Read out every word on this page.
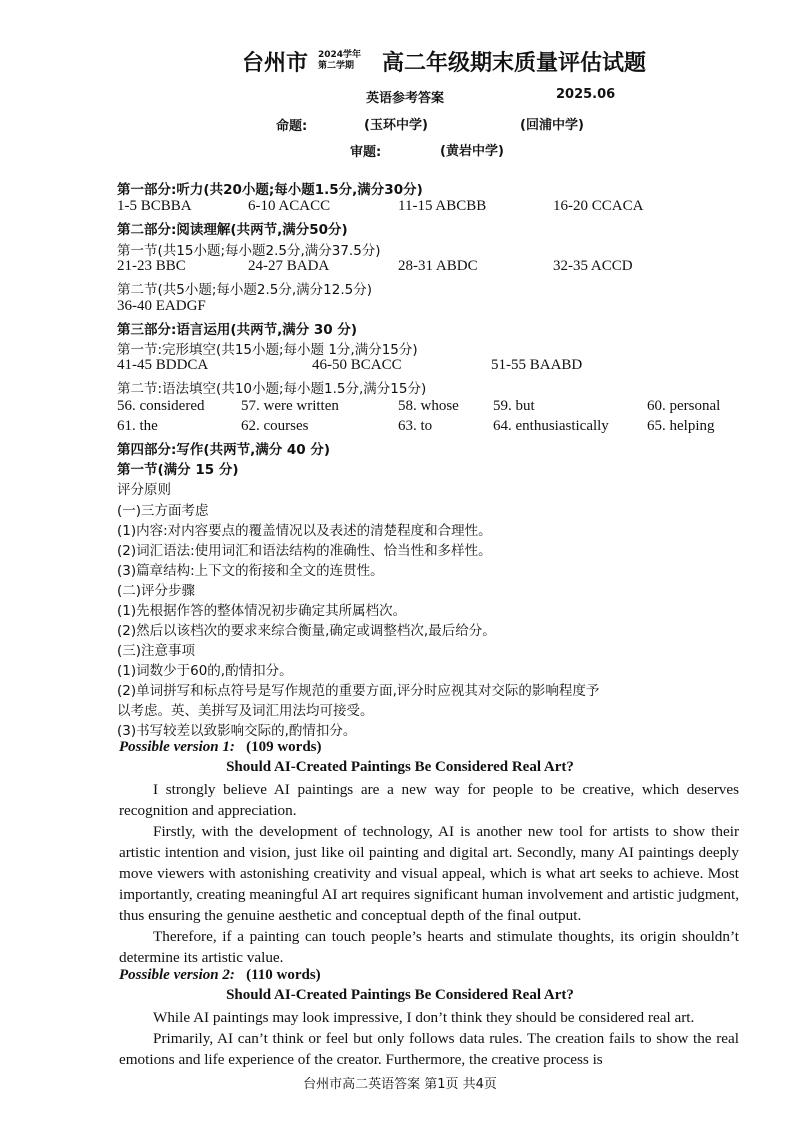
台州市 2024学年
第二学期 高二年级期末质量评估试题
英语参考答案	2025.06
命题:	(玉环中学)	(回浦中学)
审题:	(黄岩中学)
第一部分:听力(共20小题;每小题1.5分,满分30分)
1-5 BCBBA	6-10 ACACC	11-15 ABCBB	16-20 CCACA
第二部分:阅读理解(共两节,满分50分)
第一节(共15小题;每小题2.5分,满分37.5分)
21-23 BBC	24-27 BADA	28-31 ABDC	32-35 ACCD
第二节(共5小题;每小题2.5分,满分12.5分)
36-40 EADGF
第三部分:语言运用(共两节,满分 30 分)
第一节:完形填空(共15小题;每小题 1分,满分15分)
41-45 BDDCA	46-50 BCACC	51-55 BAABD
第二节:语法填空(共10小题;每小题1.5分,满分15分)
56. considered 57. were written	58. whose 59. but	60. personal
61. the	62. courses	63. to	64. enthusiastically	65. helping
第四部分:写作(共两节,满分 40 分)
第一节(满分 15 分)
评分原则
(一)三方面考虑
(1)内容:对内容要点的覆盖情况以及表述的清楚程度和合理性。
(2)词汇语法:使用词汇和语法结构的准确性、恰当性和多样性。
(3)篇章结构:上下文的衔接和全文的连贯性。
(二)评分步骤
(1)先根据作答的整体情况初步确定其所属档次。
(2)然后以该档次的要求来综合衡量,确定或调整档次,最后给分。
(三)注意事项
(1)词数少于60的,酌情扣分。
(2)单词拼写和标点符号是写作规范的重要方面,评分时应视其对交际的影响程度予
以考虑。英、美拼写及词汇用法均可接受。
(3)书写较差以致影响交际的,酌情扣分。
Possible version 1: (109 words)
Should AI-Created Paintings Be Considered Real Art?
I strongly believe AI paintings are a new way for people to be creative, which deserves recognition and appreciation.
Firstly, with the development of technology, AI is another new tool for artists to show their artistic intention and vision, just like oil painting and digital art. Secondly, many AI paintings deeply move viewers with astonishing creativity and visual appeal, which is what art seeks to achieve. Most importantly, creating meaningful AI art requires significant human involvement and artistic judgment, thus ensuring the genuine aesthetic and conceptual depth of the final output.
Therefore, if a painting can touch people’s hearts and stimulate thoughts, its origin shouldn’t determine its artistic value.
Possible version 2: (110 words)
Should AI-Created Paintings Be Considered Real Art?
While AI paintings may look impressive, I don’t think they should be considered real art.
Primarily, AI can’t think or feel but only follows data rules. The creation fails to show the real emotions and life experience of the creator. Furthermore, the creative process is
台州市高二英语答案 第1页 共4页
